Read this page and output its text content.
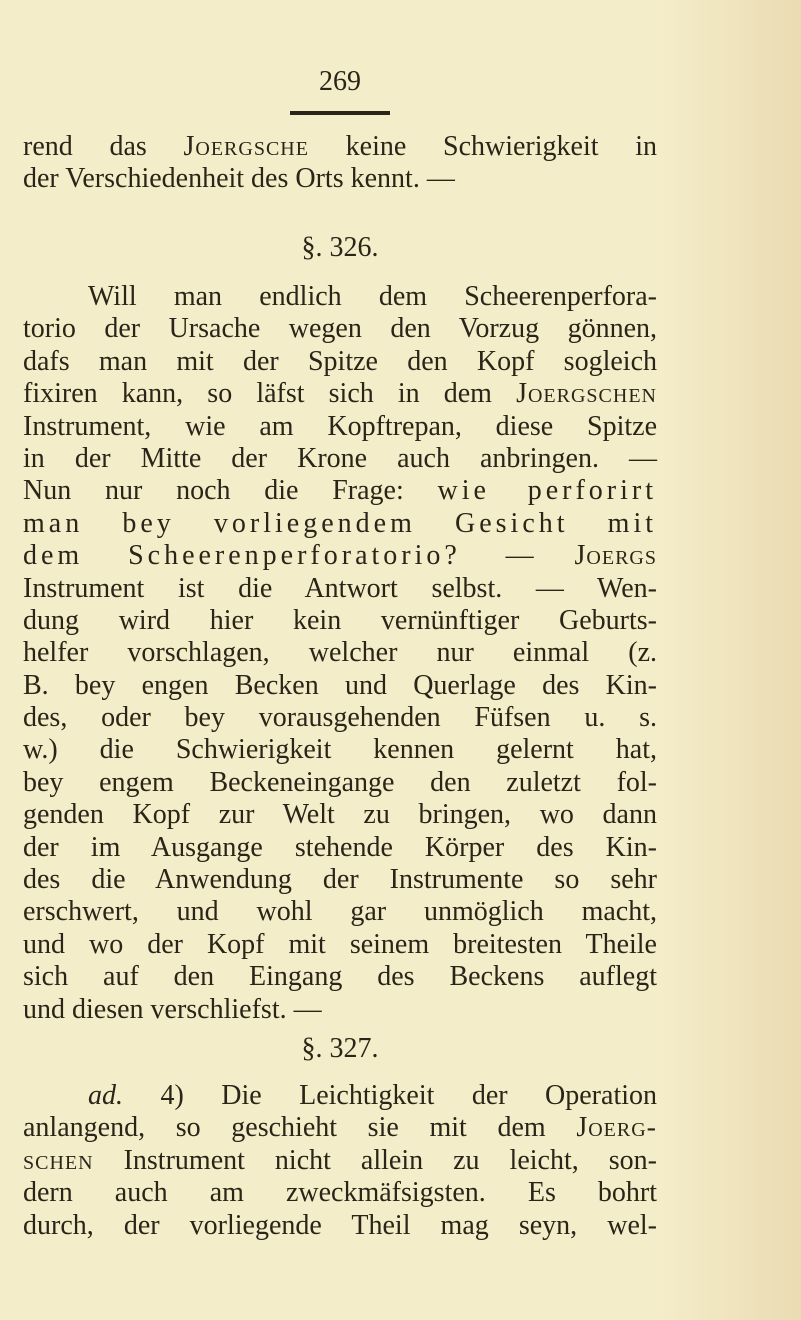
269
rend das Joergsche keine Schwierigkeit in
der Verschiedenheit des Orts kennt. —
§. 326.
Will man endlich dem Scheerenperfora-
torio der Ursache wegen den Vorzug gönnen,
dafs man mit der Spitze den Kopf sogleich
fixiren kann, so läfst sich in dem Joergschen
Instrument, wie am Kopftrepan, diese Spitze
in der Mitte der Krone auch anbringen. —
Nun nur noch die Frage: wie perforirt
man bey vorliegendem Gesicht mit
dem Scheerenperforatorio? — Joergs
Instrument ist die Antwort selbst. — Wen-
dung wird hier kein vernünftiger Geburts-
helfer vorschlagen, welcher nur einmal (z.
B. bey engen Becken und Querlage des Kin-
des, oder bey vorausgehenden Füfsen u. s.
w.) die Schwierigkeit kennen gelernt hat,
bey engem Beckeneingange den zuletzt fol-
genden Kopf zur Welt zu bringen, wo dann
der im Ausgange stehende Körper des Kin-
des die Anwendung der Instrumente so sehr
erschwert, und wohl gar unmöglich macht,
und wo der Kopf mit seinem breitesten Theile
sich auf den Eingang des Beckens auflegt
und diesen verschliefst. —
§. 327.
ad. 4) Die Leichtigkeit der Operation
anlangend, so geschieht sie mit dem Joerg-
schen Instrument nicht allein zu leicht, son-
dern auch am zweckmäfsigsten. Es bohrt
durch, der vorliegende Theil mag seyn, wel-
